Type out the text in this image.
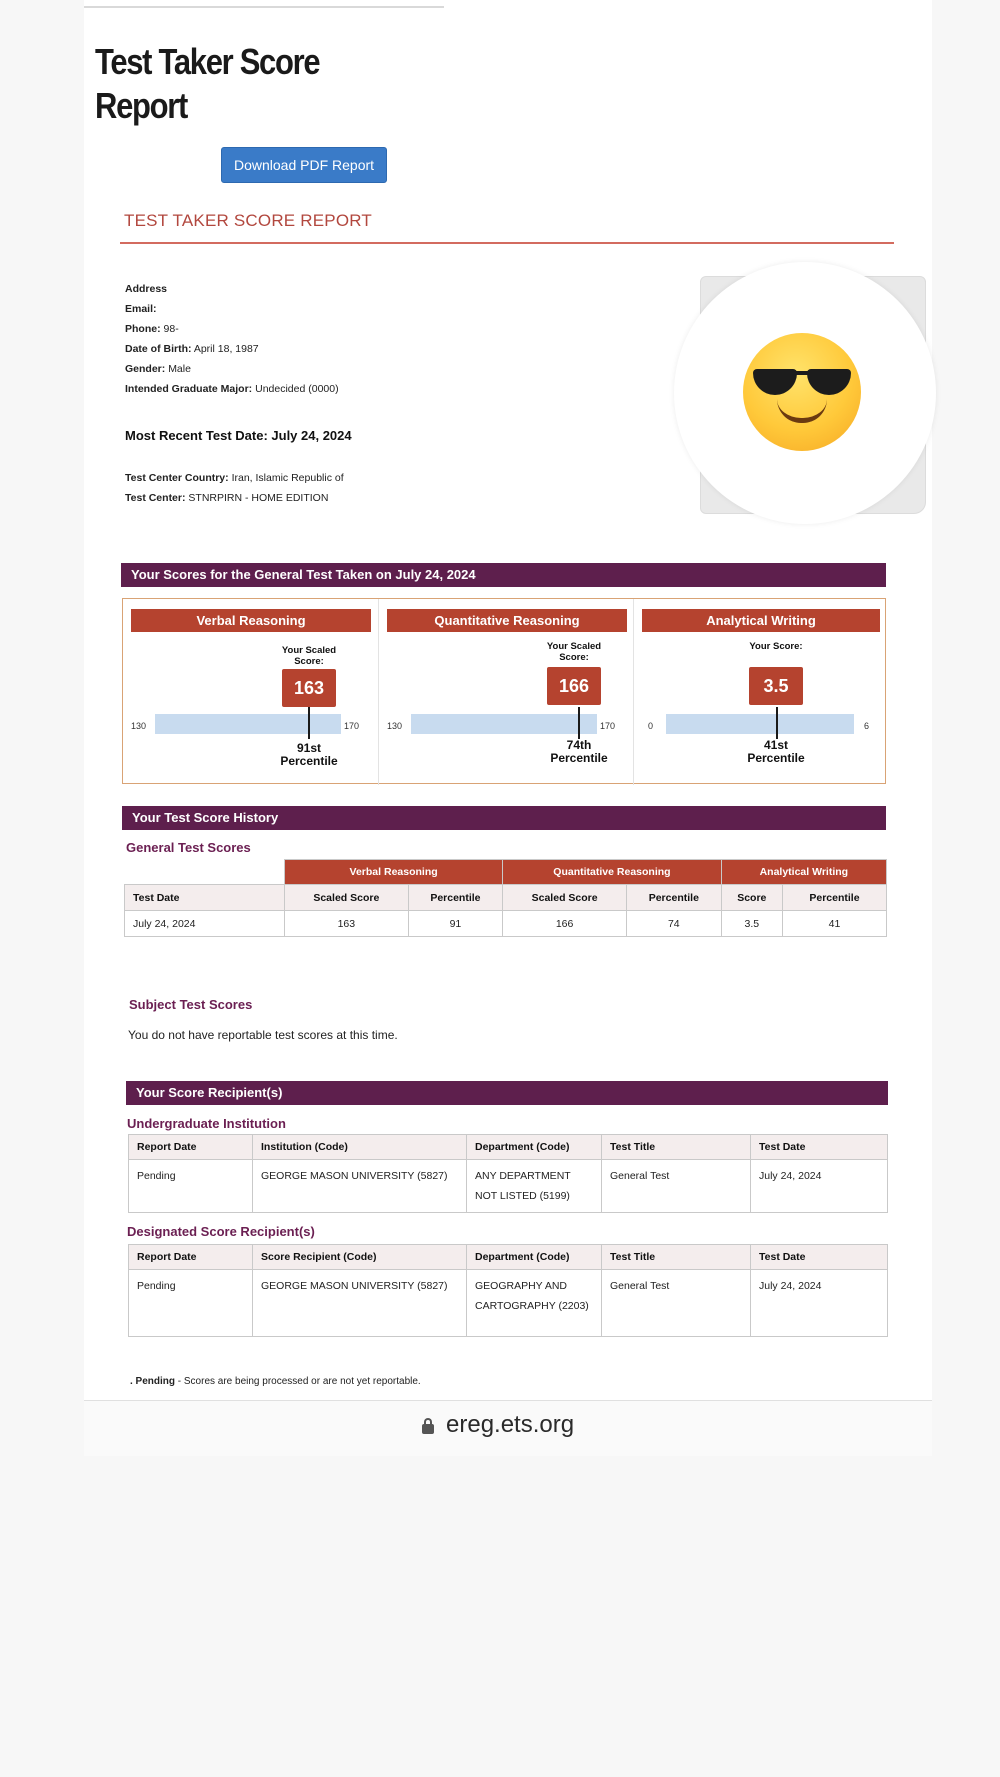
Test Taker Score Report
Download PDF Report
TEST TAKER SCORE REPORT
Address
Email:
Phone: 98-
Date of Birth: April 18, 1987
Gender: Male
Intended Graduate Major: Undecided (0000)
Most Recent Test Date: July 24, 2024
Test Center Country: Iran, Islamic Republic of
Test Center: STNRPIRN - HOME EDITION
Your Scores for the General Test Taken on July 24, 2024
Verbal Reasoning
Your Scaled Score:
163
130	170
91st
Percentile
Quantitative Reasoning
Your Scaled Score:
166
130	170
74th
Percentile
Analytical Writing
Your Score:
3.5
0	6
41st
Percentile
Your Test Score History
General Test Scores
	Verbal Reasoning		Quantitative Reasoning		Analytical Writing	
Test Date	Scaled Score	Percentile	Scaled Score	Percentile	Score	Percentile
July 24, 2024	163	91	166	74	3.5	41
Subject Test Scores
You do not have reportable test scores at this time.
Your Score Recipient(s)
Undergraduate Institution
Report Date	Institution (Code)	Department (Code)	Test Title	Test Date
Pending	GEORGE MASON UNIVERSITY (5827)	ANY DEPARTMENT NOT LISTED (5199)	General Test	July 24, 2024
Designated Score Recipient(s)
Report Date	Score Recipient (Code)	Department (Code)	Test Title	Test Date
Pending	GEORGE MASON UNIVERSITY (5827)	GEOGRAPHY AND CARTOGRAPHY (2203)	General Test	July 24, 2024
. Pending - Scores are being processed or are not yet reportable.
ereg.ets.org
